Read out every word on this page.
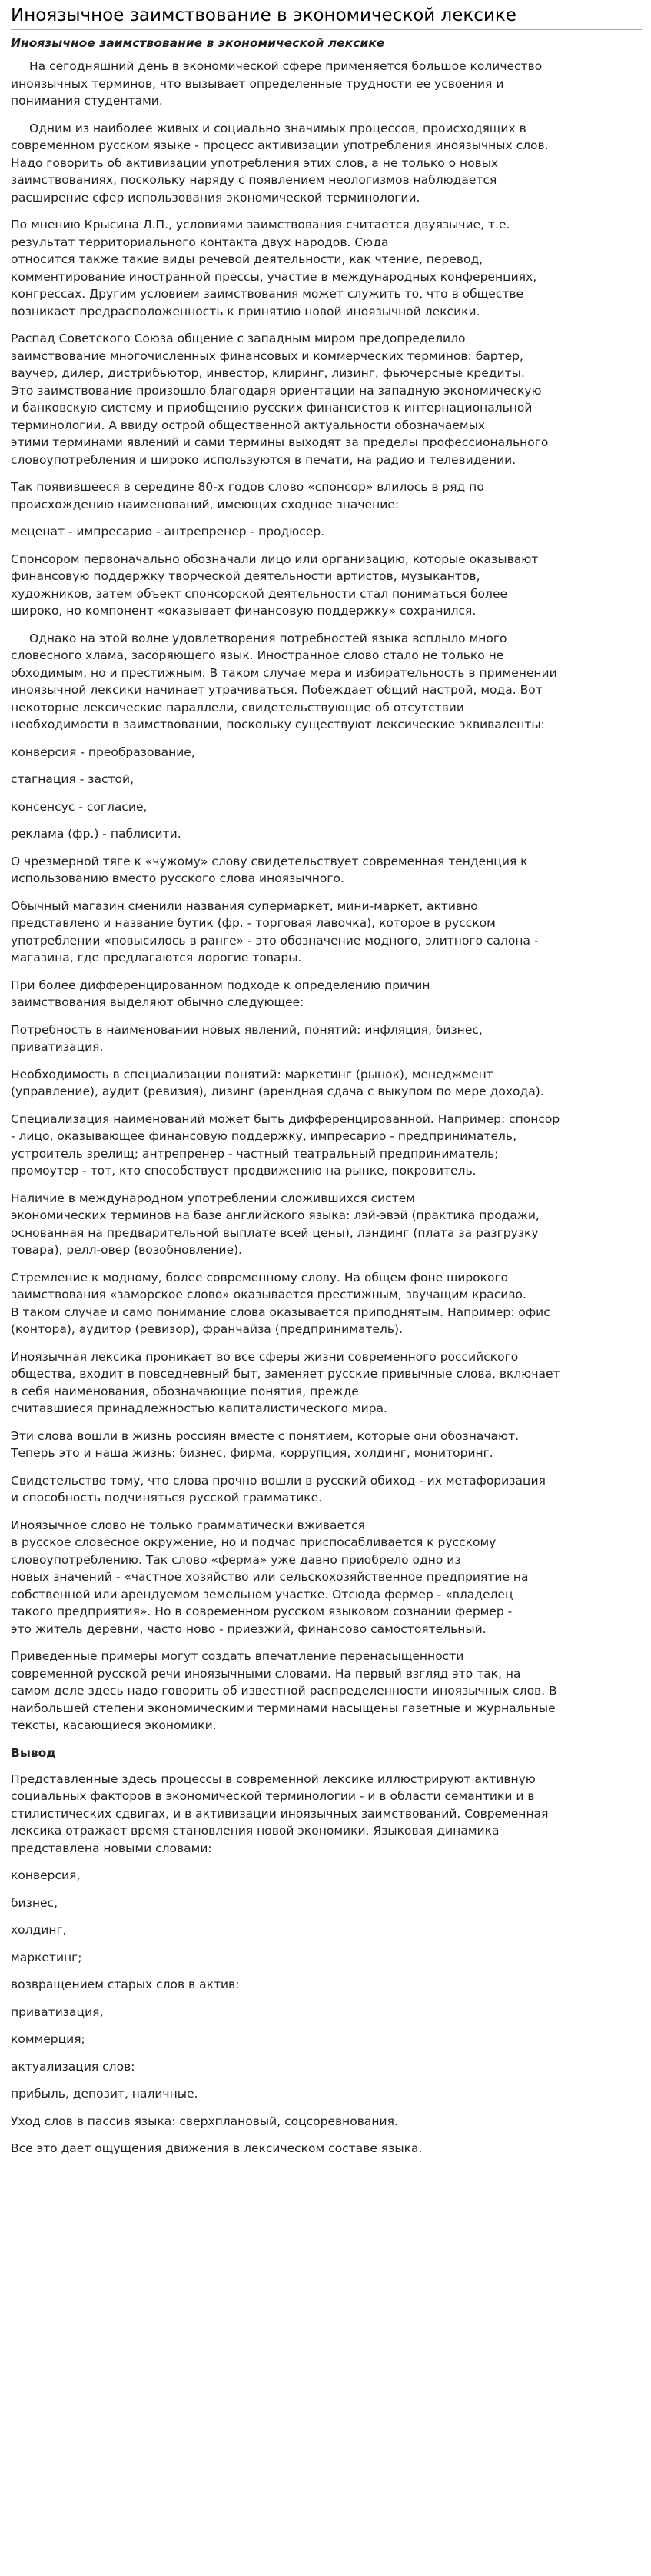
Иноязычное заимствование в экономической лексике
Иноязычное заимствование в экономической лексике

На сегодняшний день в экономической сфере применяется большое количество
иноязычных терминов, что вызывает определенные трудности ее усвоения и
понимания студентами.

Одним из наиболее живых и социально значимых процессов, происходящих в
современном русском языке - процесс активизации употребления иноязычных слов.
Надо говорить об активизации употребления этих слов, а не только о новых
заимствованиях, поскольку наряду с появлением неологизмов наблюдается
расширение сфер использования экономической терминологии.

По мнению Крысина Л.П., условиями заимствования считается двуязычие, т.е.
результат территориального контакта двух народов. Сюда
относится также такие виды речевой деятельности, как чтение, перевод,
комментирование иностранной прессы, участие в международных конференциях,
конгрессах. Другим условием заимствования может служить то, что в обществе
возникает предрасположенность к принятию новой иноязычной лексики.

Распад Советского Союза общение с западным миром предопределило
заимствование многочисленных финансовых и коммерческих терминов: бартер,
ваучер, дилер, дистрибьютор, инвестор, клиринг, лизинг, фьючерсные кредиты.
Это заимствование произошло благодаря ориентации на западную экономическую
и банковскую систему и приобщению русских финансистов к интернациональной
терминологии. А ввиду острой общественной актуальности обозначаемых
этими терминами явлений и сами термины выходят за пределы профессионального
словоупотребления и широко используются в печати, на радио и телевидении.

Так появившееся в середине 80-х годов слово «спонсор» влилось в ряд по
происхождению наименований, имеющих сходное значение:

меценат - импресарио - антрепренер - продюсер.

Спонсором первоначально обозначали лицо или организацию, которые оказывают
финансовую поддержку творческой деятельности артистов, музыкантов,
художников, затем объект спонсорской деятельности стал пониматься более
широко, но компонент «оказывает финансовую поддержку» сохранился.

Однако на этой волне удовлетворения потребностей языка всплыло много
словесного хлама, засоряющего язык. Иностранное слово стало не только не
обходимым, но и престижным. В таком случае мера и избирательность в применении
иноязычной лексики начинает утрачиваться. Побеждает общий настрой, мода. Вот
некоторые лексические параллели, свидетельствующие об отсутствии
необходимости в заимствовании, поскольку существуют лексические эквиваленты:

конверсия - преобразование,

стагнация - застой,

консенсус - согласие,

реклама (фр.) - паблисити.

О чрезмерной тяге к «чужому» слову свидетельствует современная тенденция к
использованию вместо русского слова иноязычного.

Обычный магазин сменили названия супермаркет, мини-маркет, активно
представлено и название бутик (фр. - торговая лавочка), которое в русском
употреблении «повысилось в ранге» - это обозначение модного, элитного салона -
магазина, где предлагаются дорогие товары.

При более дифференцированном подходе к определению причин
заимствования выделяют обычно следующее:

Потребность в наименовании новых явлений, понятий: инфляция, бизнес,
приватизация.

Необходимость в специализации понятий: маркетинг (рынок), менеджмент
(управление), аудит (ревизия), лизинг (арендная сдача с выкупом по мере дохода).

Специализация наименований может быть дифференцированной. Например: спонсор
- лицо, оказывающее финансовую поддержку, импресарио - предприниматель,
устроитель зрелищ; антрепренер - частный театральный предприниматель;
промоутер - тот, кто способствует продвижению на рынке, покровитель.

Наличие в международном употреблении сложившихся систем
экономических терминов на базе английского языка: лэй-эвэй (практика продажи,
основанная на предварительной выплате всей цены), лэндинг (плата за разгрузку
товара), релл-овер (возобновление).

Стремление к модному, более современному слову. На общем фоне широкого
заимствования «заморское слово» оказывается престижным, звучащим красиво.
В таком случае и само понимание слова оказывается приподнятым. Например: офис
(контора), аудитор (ревизор), франчайза (предприниматель).

Иноязычная лексика проникает во все сферы жизни современного российского
общества, входит в повседневный быт, заменяет русские привычные слова, включает
в себя наименования, обозначающие понятия, прежде
считавшиеся принадлежностью капиталистического мира.

Эти слова вошли в жизнь россиян вместе с понятием, которые они обозначают.
Теперь это и наша жизнь: бизнес, фирма, коррупция, холдинг, мониторинг.

Свидетельство тому, что слова прочно вошли в русский обиход - их метафоризация
и способность подчиняться русской грамматике.

Иноязычное слово не только грамматически вживается
в русское словесное окружение, но и подчас приспосабливается к русскому
словоупотреблению. Так слово «ферма» уже давно приобрело одно из
новых значений - «частное хозяйство или сельскохозяйственное предприятие на
собственной или арендуемом земельном участке. Отсюда фермер - «владелец
такого предприятия». Но в современном русском языковом сознании фермер -
это житель деревни, часто ново - приезжий, финансово самостоятельный.

Приведенные примеры могут создать впечатление перенасыщенности
современной русской речи иноязычными словами. На первый взгляд это так, на
самом деле здесь надо говорить об известной распределенности иноязычных слов. В
наибольшей степени экономическими терминами насыщены газетные и журнальные
тексты, касающиеся экономики.

Вывод

Представленные здесь процессы в современной лексике иллюстрируют активную
социальных факторов в экономической терминологии - и в области семантики и в
стилистических сдвигах, и в активизации иноязычных заимствований. Современная
лексика отражает время становления новой экономики. Языковая динамика
представлена новыми словами:

конверсия,

бизнес,

холдинг,

маркетинг;

возвращением старых слов в актив:

приватизация,

коммерция;

актуализация слов:

прибыль, депозит, наличные.

Уход слов в пассив языка: сверхплановый, соцсоревнования.

Все это дает ощущения движения в лексическом составе языка.
